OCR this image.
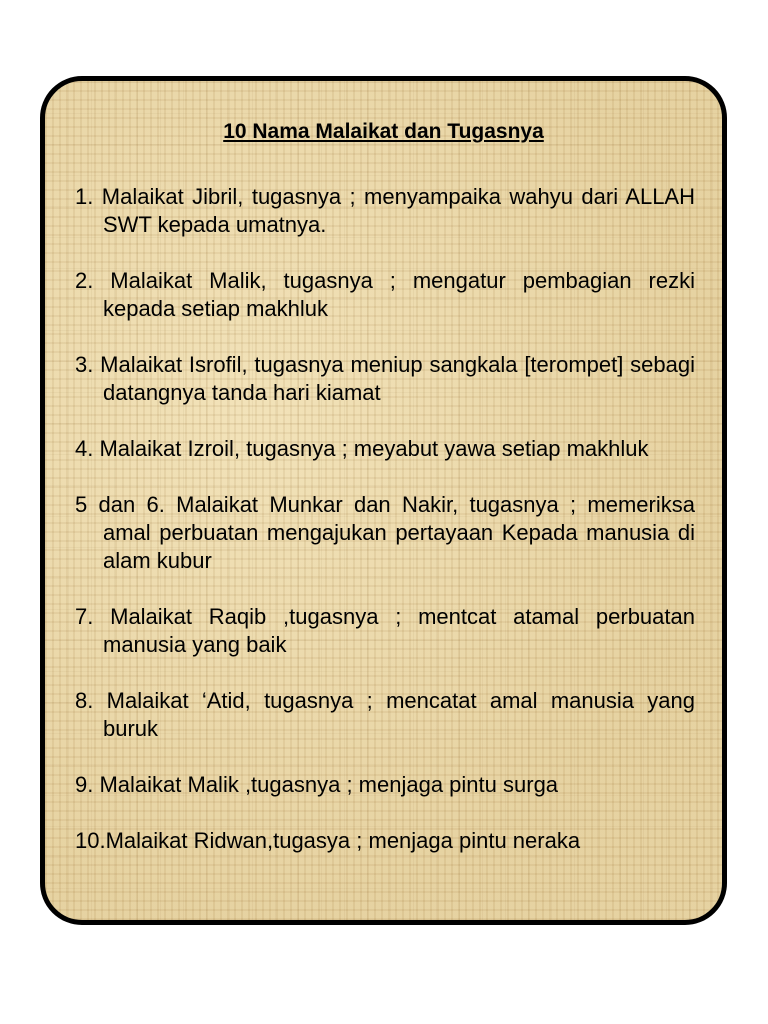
10 Nama Malaikat dan Tugasnya
1. Malaikat Jibril, tugasnya ; menyampaika wahyu dari ALLAH SWT kepada umatnya.
2. Malaikat Malik, tugasnya ; mengatur pembagian rezki kepada setiap makhluk
3. Malaikat Isrofil, tugasnya meniup sangkala [terompet] sebagi datangnya tanda hari kiamat
4. Malaikat Izroil, tugasnya ; meyabut yawa setiap makhluk
5 dan 6. Malaikat Munkar dan Nakir, tugasnya ; memeriksa amal perbuatan mengajukan pertayaan Kepada manusia di alam kubur
7. Malaikat Raqib ,tugasnya ; mentcat atamal perbuatan manusia yang baik
8. Malaikat ‘Atid, tugasnya ; mencatat amal manusia yang buruk
9. Malaikat Malik ,tugasnya ; menjaga pintu surga
10.Malaikat Ridwan,tugasya ; menjaga pintu neraka
